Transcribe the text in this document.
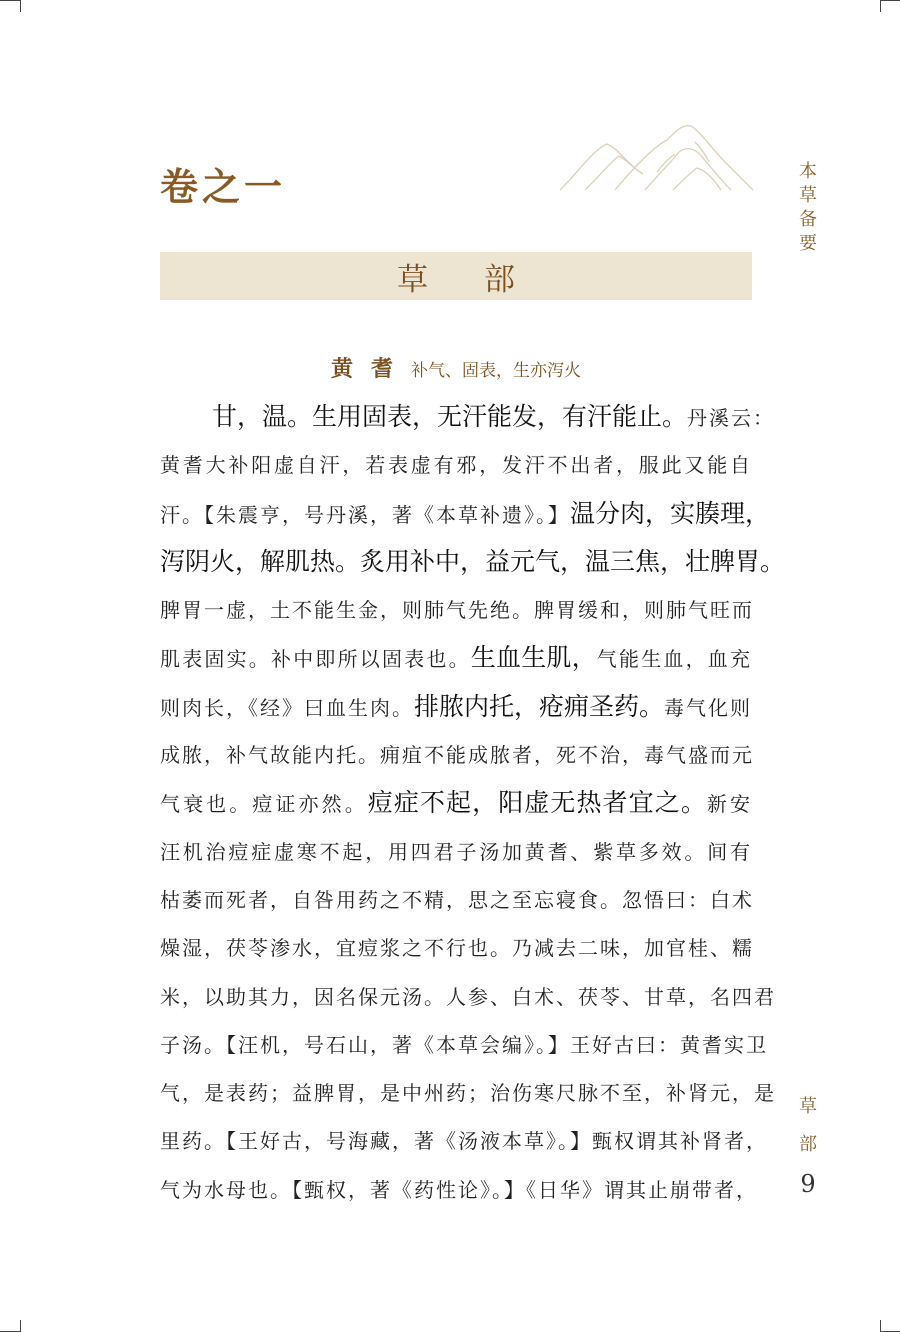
卷之一	本
草
备
要
草部
黄耆补气、固表，生亦泻火
甘，温。生用固表，无汗能发，有汗能止。丹溪云：
黄耆大补阳虚自汗，若表虚有邪，发汗不出者，服此又能自
汗。【朱震亨，号丹溪，著《本草补遗》。】温分肉，实腠理，
泻阴火，解肌热。炙用补中，益元气，温三焦，壮脾胃。
脾胃一虚，土不能生金，则肺气先绝。脾胃缓和，则肺气旺而
肌表固实。补中即所以固表也。生血生肌，气能生血，血充
则肉长，《经》曰血生肉。排脓内托，疮痈圣药。毒气化则
成脓，补气故能内托。痈疽不能成脓者，死不治，毒气盛而元
气衰也。痘证亦然。痘症不起，阳虚无热者宜之。新安
汪机治痘症虚寒不起，用四君子汤加黄耆、紫草多效。间有
枯萎而死者，自咎用药之不精，思之至忘寝食。忽悟曰：白术
燥湿，茯苓渗水，宜痘浆之不行也。乃减去二味，加官桂、糯
米，以助其力，因名保元汤。人参、白术、茯苓、甘草，名四君
子汤。【汪机，号石山，著《本草会编》。】王好古曰：黄耆实卫
气，是表药；益脾胃，是中州药；治伤寒尺脉不至，补肾元，是
里药。【王好古，号海藏，著《汤液本草》。】甄权谓其补肾者，
气为水母也。【甄权，著《药性论》。】《日华》谓其止崩带者，
草
部
9
